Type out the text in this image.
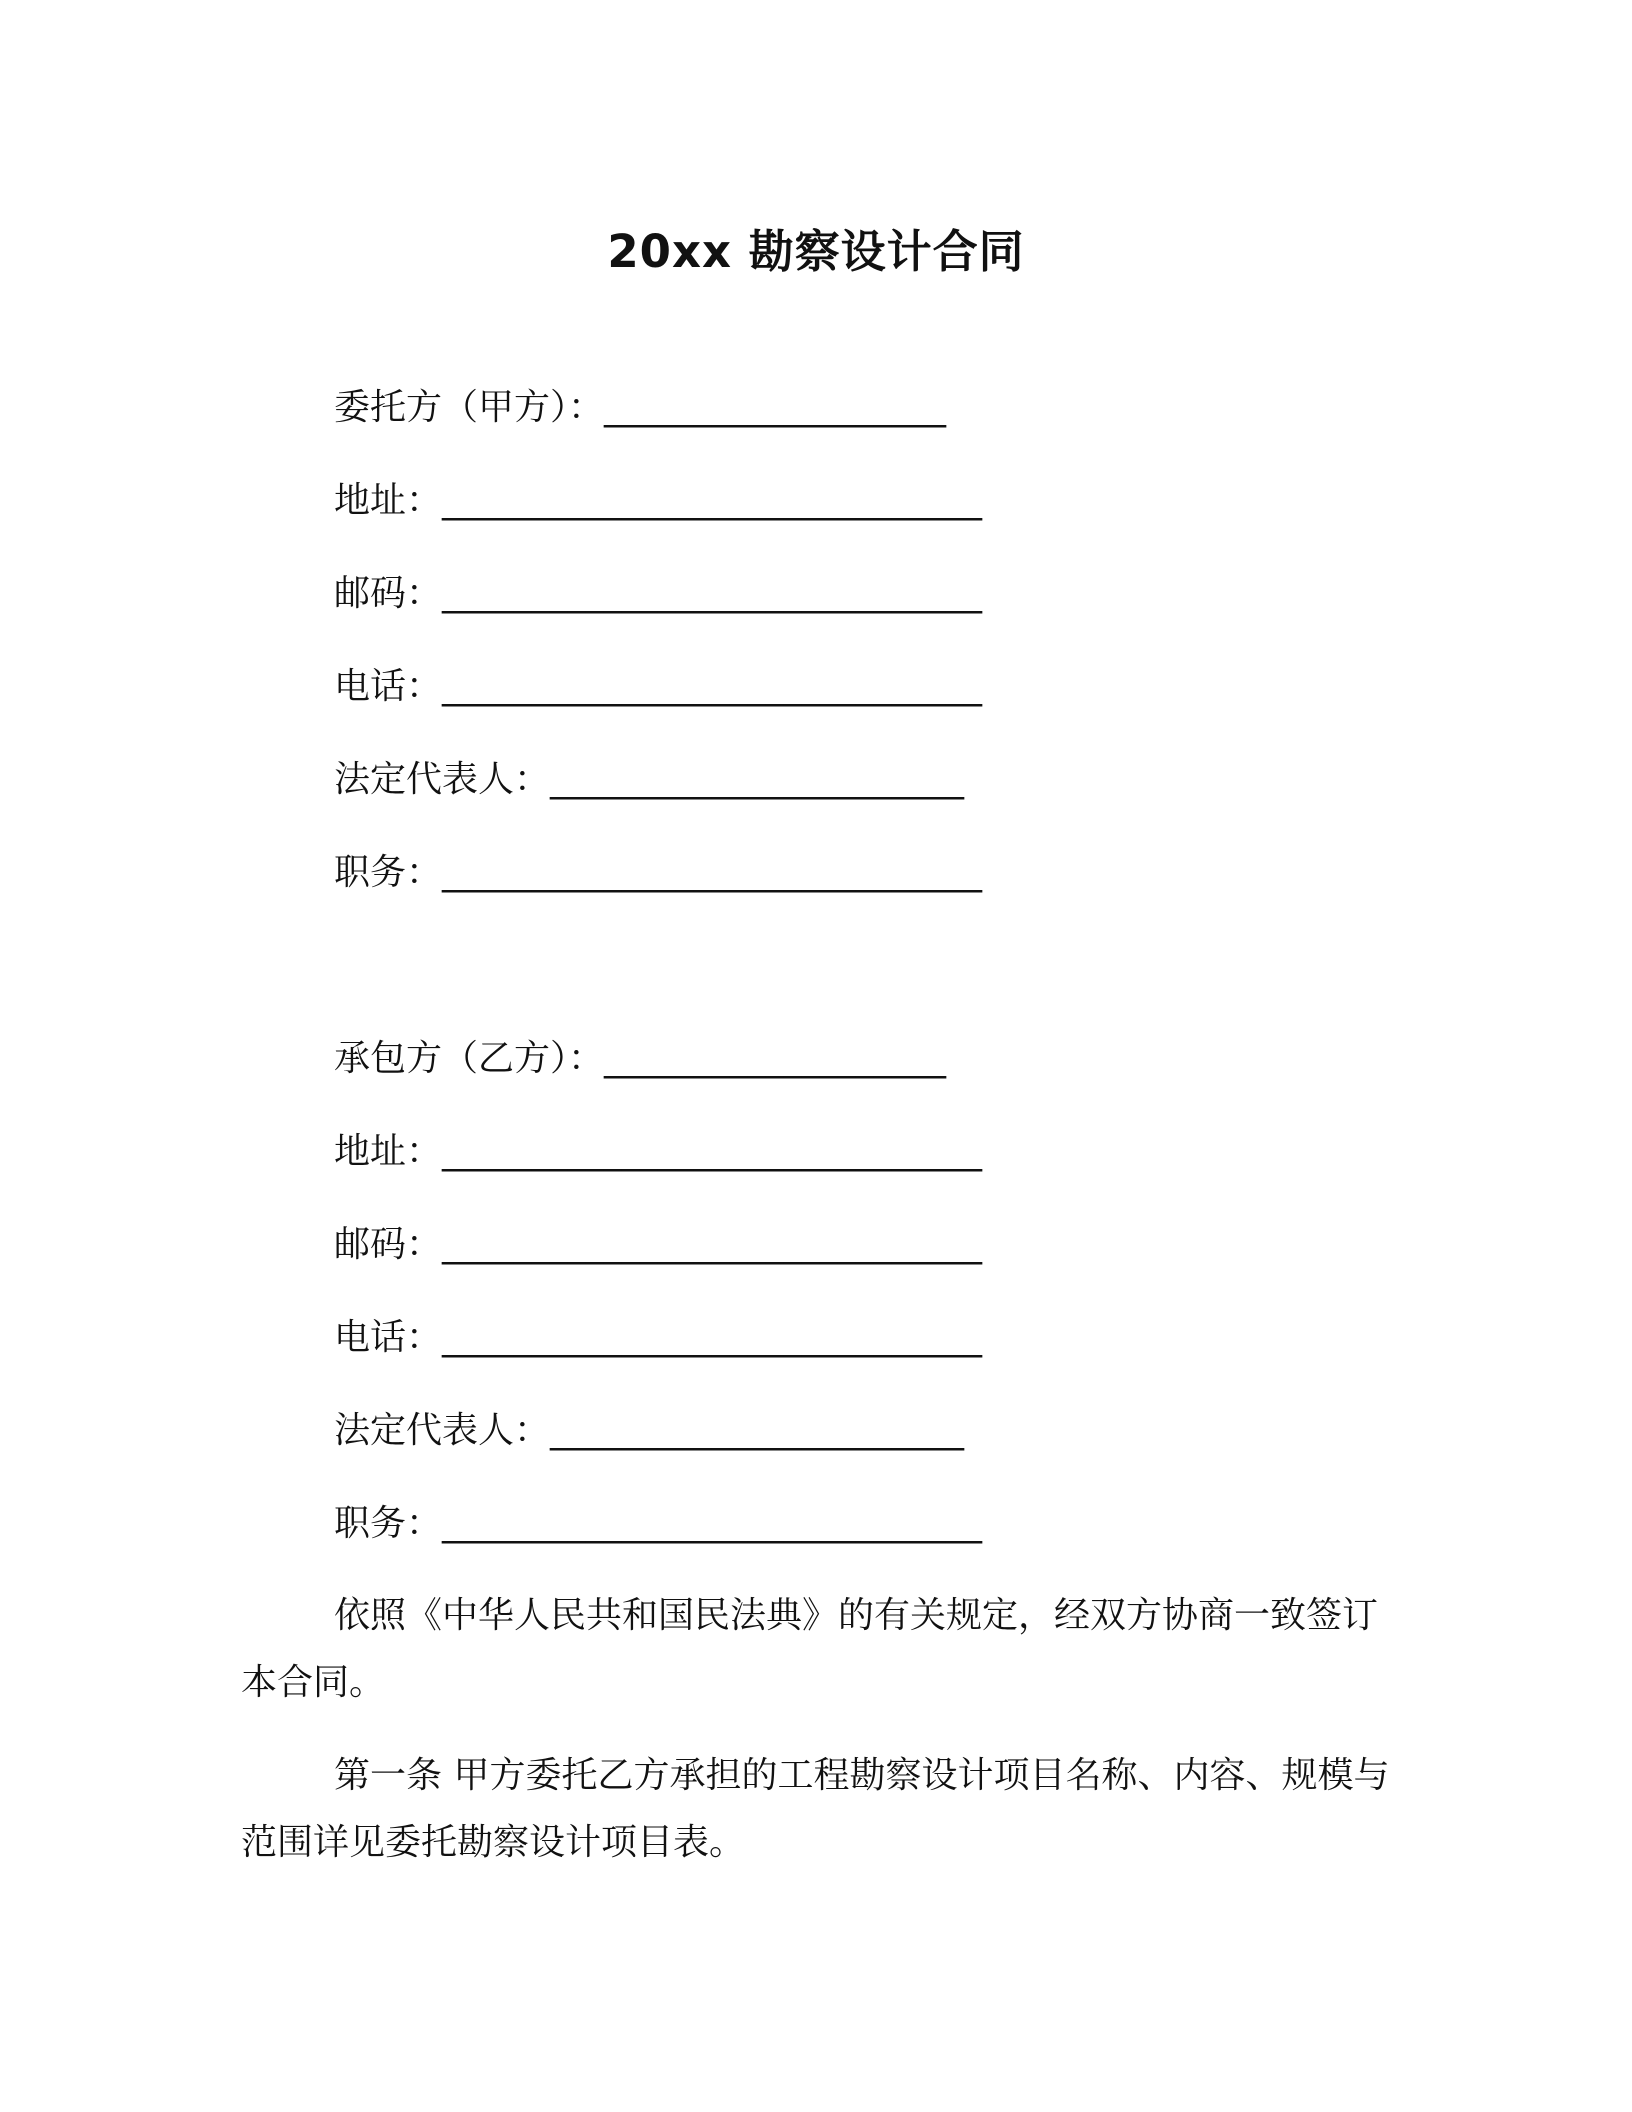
20xx 勘察设计合同
委托方（甲方）：___________________
地址：______________________________
邮码：______________________________
电话：______________________________
法定代表人：_______________________
职务：______________________________
承包方（乙方）：___________________
地址：______________________________
邮码：______________________________
电话：______________________________
法定代表人：_______________________
职务：______________________________
依照《中华人民共和国民法典》的有关规定，经双方协商一致签订本合同。
第一条 甲方委托乙方承担的工程勘察设计项目名称、内容、规模与范围详见委托勘察设计项目表。
